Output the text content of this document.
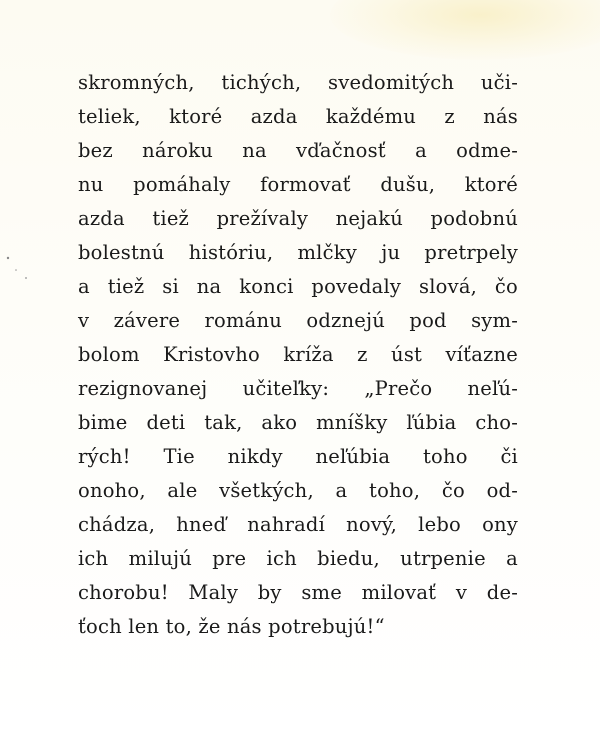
skromných, tichých, svedomitých uči-
teliek, ktoré azda každému z nás
bez nároku na vďačnosť a odme-
nu pomáhaly formovať dušu, ktoré
azda tiež prežívaly nejakú podobnú
bolestnú históriu, mlčky ju pretrpely
a tiež si na konci povedaly slová, čo
v závere románu odznejú pod sym-
bolom Kristovho kríža z úst víťazne
rezignovanej učiteľky: „Prečo neľú-
bime deti tak, ako mníšky ľúbia cho-
rých! Tie nikdy neľúbia toho či
onoho, ale všetkých, a toho, čo od-
chádza, hneď nahradí nový, lebo ony
ich milujú pre ich biedu, utrpenie a
chorobu! Maly by sme milovať v de-
ťoch len to, že nás potrebujú!“
